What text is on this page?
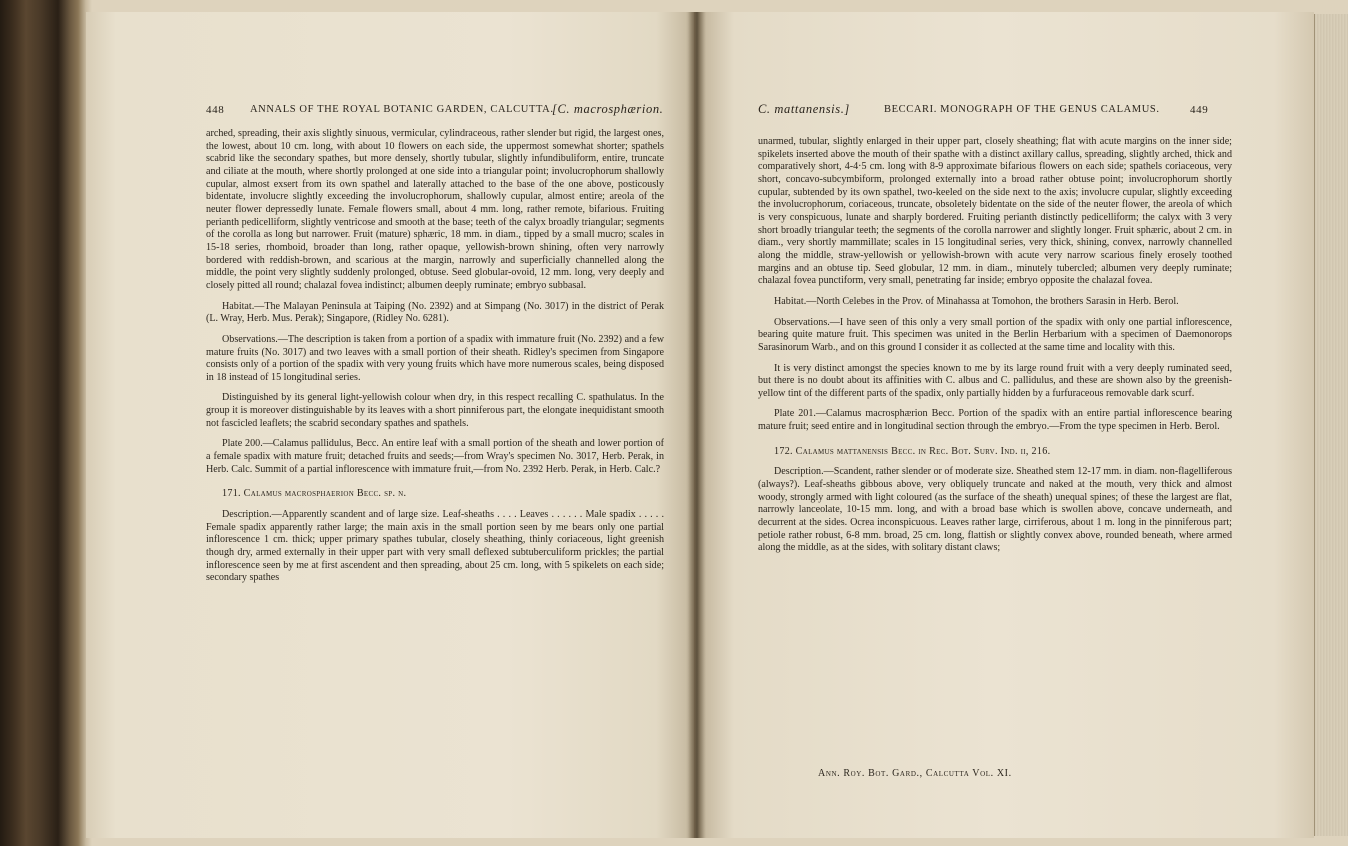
448 ANNALS OF THE ROYAL BOTANIC GARDEN, CALCUTTA.
[C. macrosphærion.

arched, spreading, their axis slightly sinuous, vermicular, cylindraceous, rather slender but rigid, the largest ones, the lowest, about 10 cm. long, with about 10 flowers on each side, the uppermost somewhat shorter; spathels scabrid like the secondary spathes, but more densely, shortly tubular, slightly infundibuliform, entire, truncate and ciliate at the mouth, where shortly prolonged at one side into a triangular point; involucrophorum shallowly cupular, almost exsert from its own spathel and laterally attached to the base of the one above, posticously bidentate, involucre slightly exceeding the involucrophorum, shallowly cupular, almost entire; areola of the neuter flower depressedly lunate. Female flowers small, about 4 mm. long, rather remote, bifarious. Fruiting perianth pedicelliform, slightly ventricose and smooth at the base; teeth of the calyx broadly triangular; segments of the corolla as long but narrower. Fruit (mature) sphæric, 18 mm. in diam., tipped by a small mucro; scales in 15-18 series, rhomboid, broader than long, rather opaque, yellowish-brown shining, often very narrowly bordered with reddish-brown, and scarious at the margin, narrowly and superficially channelled along the middle, the point very slightly suddenly prolonged, obtuse. Seed globular-ovoid, 12 mm. long, very deeply and closely pitted all round; chalazal fovea indistinct; albumen deeply ruminate; embryo subbasal.

Habitat.—The Malayan Peninsula at Taiping (No. 2392) and at Simpang (No. 3017) in the district of Perak (L. Wray, Herb. Mus. Perak); Singapore, (Ridley No. 6281).

Observations.—The description is taken from a portion of a spadix with immature fruit (No. 2392) and a few mature fruits (No. 3017) and two leaves with a small portion of their sheath. Ridley's specimen from Singapore consists only of a portion of the spadix with very young fruits which have more numerous scales, being disposed in 18 instead of 15 longitudinal series.

Distinguished by its general light-yellowish colour when dry, in this respect recalling C. spathulatus. In the group it is moreover distinguishable by its leaves with a short pinniferous part, the elongate inequidistant smooth not fascicled leaflets; the scabrid secondary spathes and spathels.

Plate 200.—Calamus pallidulus, Becc. An entire leaf with a small portion of the sheath and lower portion of a female spadix with mature fruit; detached fruits and seeds;—from Wray's specimen No. 3017, Herb. Perak, in Herb. Calc. Summit of a partial inflorescence with immature fruit,—from No. 2392 Herb. Perak, in Herb. Calc.?

171. Calamus macrosphaerion Becc. sp. n.

Description.—Apparently scandent and of large size. Leaf-sheaths . . . . Leaves . . . . . . Male spadix . . . . . Female spadix apparently rather large; the main axis in the small portion seen by me bears only one partial inflorescence 1 cm. thick; upper primary spathes tubular, closely sheathing, thinly coriaceous, light greenish though dry, armed externally in their upper part with very small deflexed subtuberculiform prickles; the partial inflorescence seen by me at first ascendent and then spreading, about 25 cm. long, with 5 spikelets on each side; secondary spathes

C. mattanensis.]	BECCARI. MONOGRAPH OF THE GENUS CALAMUS.	449

unarmed, tubular, slightly enlarged in their upper part, closely sheathing; flat with acute margins on the inner side; spikelets inserted above the mouth of their spathe with a distinct axillary callus, spreading, slightly arched, thick and comparatively short, 4-4·5 cm. long with 8-9 approximate bifarious flowers on each side; spathels coriaceous, very short, concavo-subcymbiform, prolonged externally into a broad rather obtuse point; involucrophorum shortly cupular, subtended by its own spathel, two-keeled on the side next to the axis; involucre cupular, slightly exceeding the involucrophorum, coriaceous, truncate, obsoletely bidentate on the side of the neuter flower, the areola of which is very conspicuous, lunate and sharply bordered. Fruiting perianth distinctly pedicelliform; the calyx with 3 very short broadly triangular teeth; the segments of the corolla narrower and slightly longer. Fruit sphæric, about 2 cm. in diam., very shortly mammillate; scales in 15 longitudinal series, very thick, shining, convex, narrowly channelled along the middle, straw-yellowish or yellowish-brown with acute very narrow scarious finely erosely toothed margins and an obtuse tip. Seed globular, 12 mm. in diam., minutely tubercled; albumen very deeply ruminate; chalazal fovea punctiform, very small, penetrating far inside; embryo opposite the chalazal fovea.

Habitat.—North Celebes in the Prov. of Minahassa at Tomohon, the brothers Sarasin in Herb. Berol.

Observations.—I have seen of this only a very small portion of the spadix with only one partial inflorescence, bearing quite mature fruit. This specimen was united in the Berlin Herbarium with a specimen of Daemonorops Sarasinorum Warb., and on this ground I consider it as collected at the same time and locality with this.

It is very distinct amongst the species known to me by its large round fruit with a very deeply ruminated seed, but there is no doubt about its affinities with C. albus and C. pallidulus, and these are shown also by the greenish-yellow tint of the different parts of the spadix, only partially hidden by a furfuraceous removable dark scurf.

Plate 201.—Calamus macrosphærion Becc. Portion of the spadix with an entire partial inflorescence bearing mature fruit; seed entire and in longitudinal section through the embryo.—From the type specimen in Herb. Berol.

172. Calamus mattanensis Becc. in Rec. Bot. Surv. Ind. ii, 216.

Description.—Scandent, rather slender or of moderate size. Sheathed stem 12-17 mm. in diam. non-flagelliferous (always?). Leaf-sheaths gibbous above, very obliquely truncate and naked at the mouth, very thick and almost woody, strongly armed with light coloured (as the surface of the sheath) unequal spines; of these the largest are flat, narrowly lanceolate, 10-15 mm. long, and with a broad base which is swollen above, concave underneath, and decurrent at the sides. Ocrea inconspicuous. Leaves rather large, cirriferous, about 1 m. long in the pinniferous part; petiole rather robust, 6-8 mm. broad, 25 cm. long, flattish or slightly convex above, rounded beneath, where armed along the middle, as at the sides, with solitary distant claws;

Ann. Roy. Bot. Gard., Calcutta Vol. XI.
